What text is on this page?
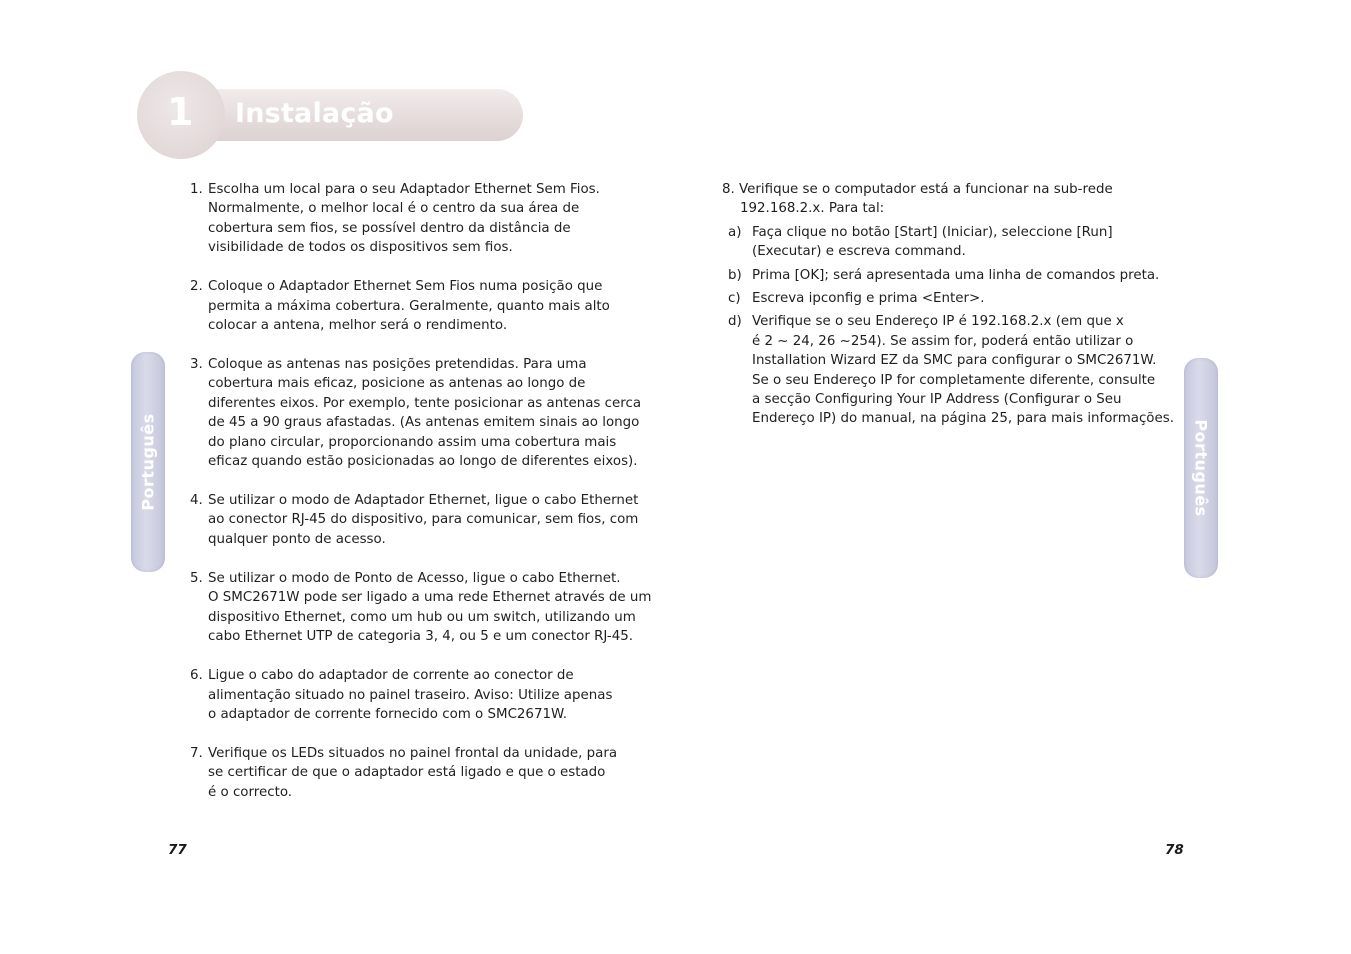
1 Instalação
Português	Português
1. Escolha um local para o seu Adaptador Ethernet Sem Fios.
Normalmente, o melhor local é o centro da sua área de
cobertura sem fios, se possível dentro da distância de
visibilidade de todos os dispositivos sem fios.
2. Coloque o Adaptador Ethernet Sem Fios numa posição que
permita a máxima cobertura. Geralmente, quanto mais alto
colocar a antena, melhor será o rendimento.
3. Coloque as antenas nas posições pretendidas. Para uma
cobertura mais eficaz, posicione as antenas ao longo de
diferentes eixos. Por exemplo, tente posicionar as antenas cerca
de 45 a 90 graus afastadas. (As antenas emitem sinais ao longo
do plano circular, proporcionando assim uma cobertura mais
eficaz quando estão posicionadas ao longo de diferentes eixos).
4. Se utilizar o modo de Adaptador Ethernet, ligue o cabo Ethernet
ao conector RJ-45 do dispositivo, para comunicar, sem fios, com
qualquer ponto de acesso.
5. Se utilizar o modo de Ponto de Acesso, ligue o cabo Ethernet.
O SMC2671W pode ser ligado a uma rede Ethernet através de um
dispositivo Ethernet, como um hub ou um switch, utilizando um
cabo Ethernet UTP de categoria 3, 4, ou 5 e um conector RJ-45.
6. Ligue o cabo do adaptador de corrente ao conector de
alimentação situado no painel traseiro. Aviso: Utilize apenas
o adaptador de corrente fornecido com o SMC2671W.
7. Verifique os LEDs situados no painel frontal da unidade, para
se certificar de que o adaptador está ligado e que o estado
é o correcto.
8. Verifique se o computador está a funcionar na sub-rede
192.168.2.x. Para tal:
a) Faça clique no botão [Start] (Iniciar), seleccione [Run]
(Executar) e escreva command.
b) Prima [OK]; será apresentada uma linha de comandos preta.
c) Escreva ipconfig e prima <Enter>.
d) Verifique se o seu Endereço IP é 192.168.2.x (em que x
é 2 ~ 24, 26 ~254). Se assim for, poderá então utilizar o
Installation Wizard EZ da SMC para configurar o SMC2671W.
Se o seu Endereço IP for completamente diferente, consulte
a secção Configuring Your IP Address (Configurar o Seu
Endereço IP) do manual, na página 25, para mais informações.
77	78
